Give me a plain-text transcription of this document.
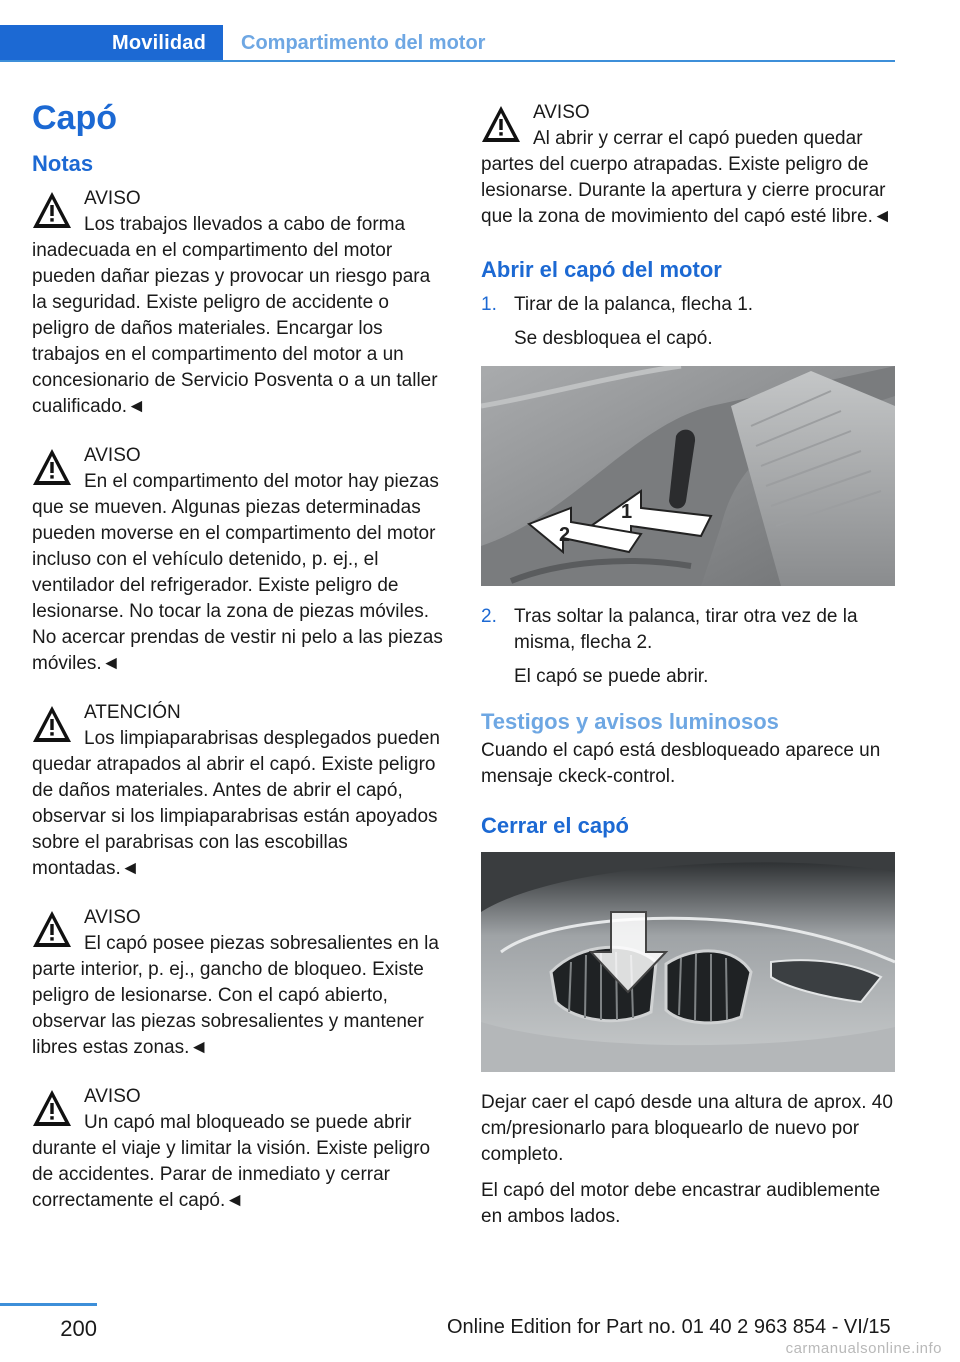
Movilidad Compartimento del motor
Capó
Notas
AVISO
Los trabajos llevados a cabo de forma inadecuada en el compartimento del motor pueden dañar piezas y provocar un riesgo para la seguridad. Existe peligro de accidente o peligro de daños materiales. Encargar los trabajos en el compartimento del motor a un concesionario de Servicio Posventa o a un taller cualificado.◄
AVISO
En el compartimento del motor hay piezas que se mueven. Algunas piezas determinadas pueden moverse en el compartimento del motor incluso con el vehículo detenido, p. ej., el ventilador del refrigerador. Existe peligro de lesionarse. No tocar la zona de piezas móviles. No acercar prendas de vestir ni pelo a las piezas móviles.◄
ATENCIÓN
Los limpiaparabrisas desplegados pueden quedar atrapados al abrir el capó. Existe peligro de daños materiales. Antes de abrir el capó, observar si los limpiaparabrisas están apoyados sobre el parabrisas con las escobillas montadas.◄
AVISO
El capó posee piezas sobresalientes en la parte interior, p. ej., gancho de bloqueo. Existe peligro de lesionarse. Con el capó abierto, observar las piezas sobresalientes y mantener libres estas zonas.◄
AVISO
Un capó mal bloqueado se puede abrir durante el viaje y limitar la visión. Existe peligro de accidentes. Parar de inmediato y cerrar correctamente el capó.◄
AVISO
Al abrir y cerrar el capó pueden quedar partes del cuerpo atrapadas. Existe peligro de lesionarse. Durante la apertura y cierre procurar que la zona de movimiento del capó esté libre.◄
Abrir el capó del motor
1. Tirar de la palanca, flecha 1.
Se desbloquea el capó.
1
2
2. Tras soltar la palanca, tirar otra vez de la misma, flecha 2.
El capó se puede abrir.
Testigos y avisos luminosos
Cuando el capó está desbloqueado aparece un mensaje ckeck-control.
Cerrar el capó
Dejar caer el capó desde una altura de aprox. 40 cm/presionarlo para bloquearlo de nuevo por completo.
El capó del motor debe encastrar audiblemente en ambos lados.
200	Online Edition for Part no. 01 40 2 963 854 - VI/15
carmanualsonline.info
